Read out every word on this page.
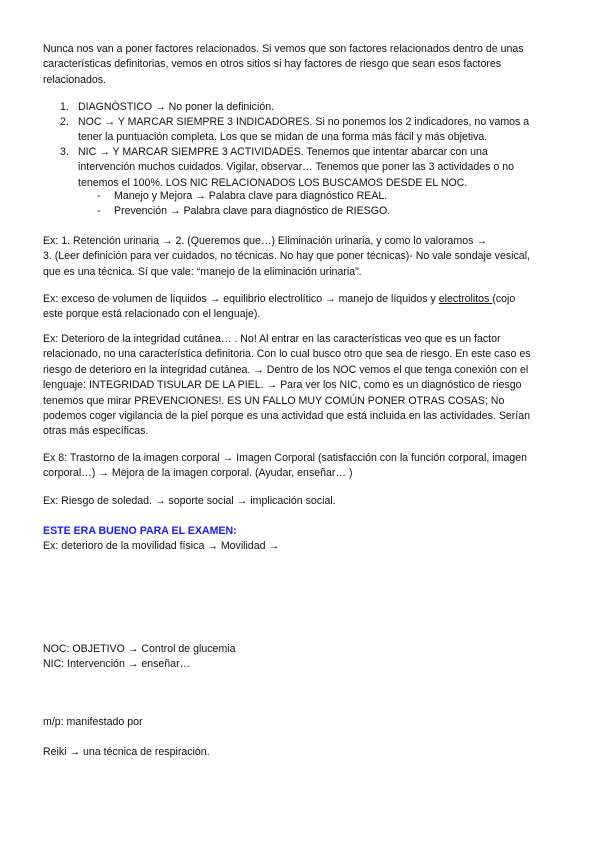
Nunca nos van a poner factores relacionados. Si vemos que son factores relacionados dentro de unas
características definitorias, vemos en otros sitios si hay factores de riesgo que sean esos factores
relacionados.
1. DIAGNÓSTICO → No poner la definición.
2. NOC → Y MARCAR SIEMPRE 3 INDICADORES. Si no ponemos los 2 indicadores, no vamos a
tener la puntuación completa. Los que se midan de una forma más fácil y más objetiva.
3. NIC → Y MARCAR SIEMPRE 3 ACTIVIDADES. Tenemos que intentar abarcar con una
intervención muchos cuidados. Vigilar, observar… Tenemos que poner las 3 actividades o no
tenemos el 100%. LOS NIC RELACIONADOS LOS BUSCAMOS DESDE EL NOC.
- Manejo y Mejora → Palabra clave para diagnóstico REAL.
- Prevención → Palabra clave para diagnóstico de RIESGO.
Ex: 1. Retención urinaria → 2. (Queremos que…) Eliminación urinaria, y como lo valoramos →
3. (Leer definición para ver cuidados, no técnicas. No hay que poner técnicas)- No vale sondaje vesical,
que es una técnica. Sí que vale: “manejo de la eliminación urinaria”.
Ex: exceso de volumen de líquidos → equilibrio electrolítico → manejo de líquidos y electrolitos (cojo
este porque está relacionado con el lenguaje).
Ex: Deterioro de la integridad cutánea… . No! Al entrar en las características veo que es un factor
relacionado, no una característica definitoria. Con lo cual busco otro que sea de riesgo. En este caso es
riesgo de deterioro en la integridad cutánea. → Dentro de los NOC vemos el que tenga conexión con el
lenguaje: INTEGRIDAD TISULAR DE LA PIEL. → Para ver los NIC, como es un diagnóstico de riesgo
tenemos que mirar PREVENCIONES!. ES UN FALLO MUY COMÚN PONER OTRAS COSAS; No
podemos coger vigilancia de la piel porque es una actividad que está incluida en las actividades. Serían
otras más específicas.
Ex 8: Trastorno de la imagen corporal → Imagen Corporal (satisfacción con la función corporal, imagen
corporal…) → Mejora de la imagen corporal. (Ayudar, enseñar… )
Ex: Riesgo de soledad. → soporte social → implicación social.
ESTE ERA BUENO PARA EL EXAMEN:
Ex: deterioro de la movilidad física → Movilidad →
NOC: OBJETIVO → Control de glucemia
NIC: Intervención → enseñar…
m/p: manifestado por
Reiki → una técnica de respiración.
